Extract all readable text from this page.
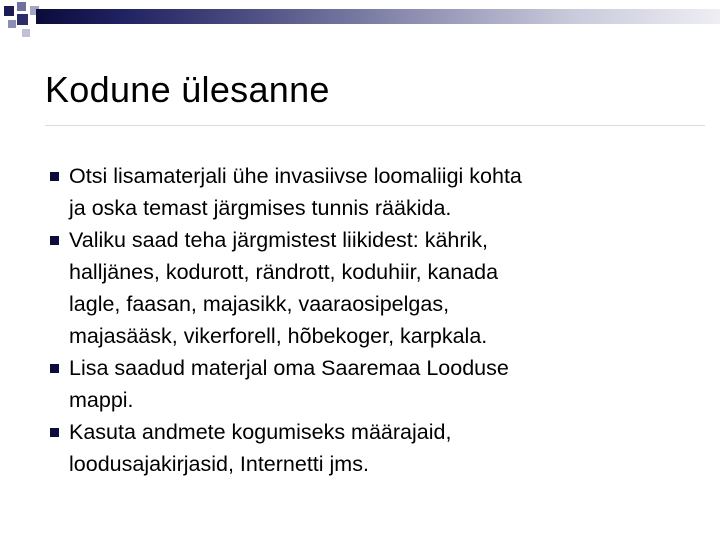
Kodune ülesanne
Otsi lisamaterjali ühe invasiivse loomaliigi kohta
ja oska temast järgmises tunnis rääkida.
Valiku saad teha järgmistest liikidest: kährik,
halljänes, kodurott, rändrott, koduhiir, kanada
lagle, faasan, majasikk, vaaraosipelgas,
majasääsk, vikerforell, hõbekoger, karpkala.
Lisa saadud materjal oma Saaremaa Looduse
mappi.
Kasuta andmete kogumiseks määrajaid,
loodusajakirjasid, Internetti jms.
